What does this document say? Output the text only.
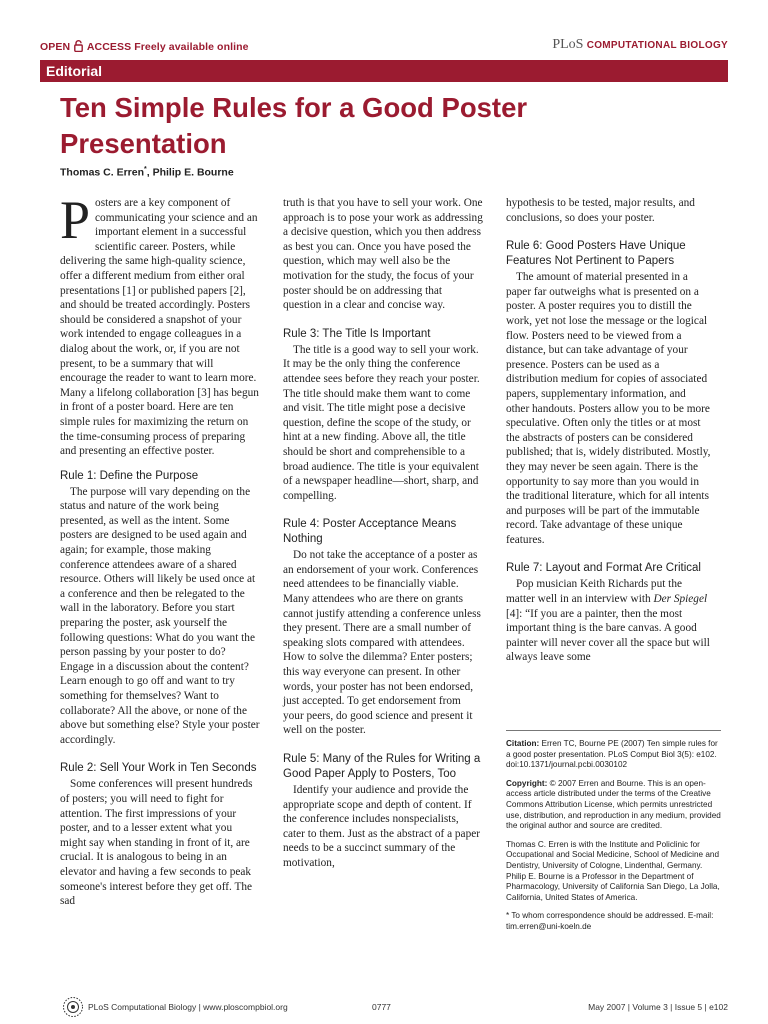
OPEN ACCESS Freely available online	PLoS COMPUTATIONAL BIOLOGY
Editorial
Ten Simple Rules for a Good Poster Presentation
Thomas C. Erren*, Philip E. Bourne

Posters are a key component of communicating your science and an important element in a successful scientific career. Posters, while delivering the same high-quality science, offer a different medium from either oral presentations [1] or published papers [2], and should be treated accordingly. Posters should be considered a snapshot of your work intended to engage colleagues in a dialog about the work, or, if you are not present, to be a summary that will encourage the reader to want to learn more. Many a lifelong collaboration [3] has begun in front of a poster board. Here are ten simple rules for maximizing the return on the time-consuming process of preparing and presenting an effective poster.

Rule 1: Define the Purpose

The purpose will vary depending on the status and nature of the work being presented, as well as the intent. Some posters are designed to be used again and again; for example, those making conference attendees aware of a shared resource. Others will likely be used once at a conference and then be relegated to the wall in the laboratory. Before you start preparing the poster, ask yourself the following questions: What do you want the person passing by your poster to do? Engage in a discussion about the content? Learn enough to go off and want to try something for themselves? Want to collaborate? All the above, or none of the above but something else? Style your poster accordingly.

Rule 2: Sell Your Work in Ten Seconds

Some conferences will present hundreds of posters; you will need to fight for attention. The first impressions of your poster, and to a lesser extent what you might say when standing in front of it, are crucial. It is analogous to being in an elevator and having a few seconds to peak someone's interest before they get off. The sad

truth is that you have to sell your work. One approach is to pose your work as addressing a decisive question, which you then address as best you can. Once you have posed the question, which may well also be the motivation for the study, the focus of your poster should be on addressing that question in a clear and concise way.

Rule 3: The Title Is Important

The title is a good way to sell your work. It may be the only thing the conference attendee sees before they reach your poster. The title should make them want to come and visit. The title might pose a decisive question, define the scope of the study, or hint at a new finding. Above all, the title should be short and comprehensible to a broad audience. The title is your equivalent of a newspaper headline—short, sharp, and compelling.

Rule 4: Poster Acceptance Means Nothing

Do not take the acceptance of a poster as an endorsement of your work. Conferences need attendees to be financially viable. Many attendees who are there on grants cannot justify attending a conference unless they present. There are a small number of speaking slots compared with attendees. How to solve the dilemma? Enter posters; this way everyone can present. In other words, your poster has not been endorsed, just accepted. To get endorsement from your peers, do good science and present it well on the poster.

Rule 5: Many of the Rules for Writing a Good Paper Apply to Posters, Too

Identify your audience and provide the appropriate scope and depth of content. If the conference includes nonspecialists, cater to them. Just as the abstract of a paper needs to be a succinct summary of the motivation,

hypothesis to be tested, major results, and conclusions, so does your poster.

Rule 6: Good Posters Have Unique Features Not Pertinent to Papers

The amount of material presented in a paper far outweighs what is presented on a poster. A poster requires you to distill the work, yet not lose the message or the logical flow. Posters need to be viewed from a distance, but can take advantage of your presence. Posters can be used as a distribution medium for copies of associated papers, supplementary information, and other handouts. Posters allow you to be more speculative. Often only the titles or at most the abstracts of posters can be considered published; that is, widely distributed. Mostly, they may never be seen again. There is the opportunity to say more than you would in the traditional literature, which for all intents and purposes will be part of the immutable record. Take advantage of these unique features.

Rule 7: Layout and Format Are Critical

Pop musician Keith Richards put the matter well in an interview with Der Spiegel [4]: “If you are a painter, then the most important thing is the bare canvas. A good painter will never cover all the space but will always leave some

Citation: Erren TC, Bourne PE (2007) Ten simple rules for a good poster presentation. PLoS Comput Biol 3(5): e102. doi:10.1371/journal.pcbi.0030102

Copyright: © 2007 Erren and Bourne. This is an open-access article distributed under the terms of the Creative Commons Attribution License, which permits unrestricted use, distribution, and reproduction in any medium, provided the original author and source are credited.

Thomas C. Erren is with the Institute and Policlinic for Occupational and Social Medicine, School of Medicine and Dentistry, University of Cologne, Lindenthal, Germany. Philip E. Bourne is a Professor in the Department of Pharmacology, University of California San Diego, La Jolla, California, United States of America.

* To whom correspondence should be addressed. E-mail: tim.erren@uni-koeln.de

PLoS Computational Biology | www.ploscompbiol.org	0777	May 2007 | Volume 3 | Issue 5 | e102
